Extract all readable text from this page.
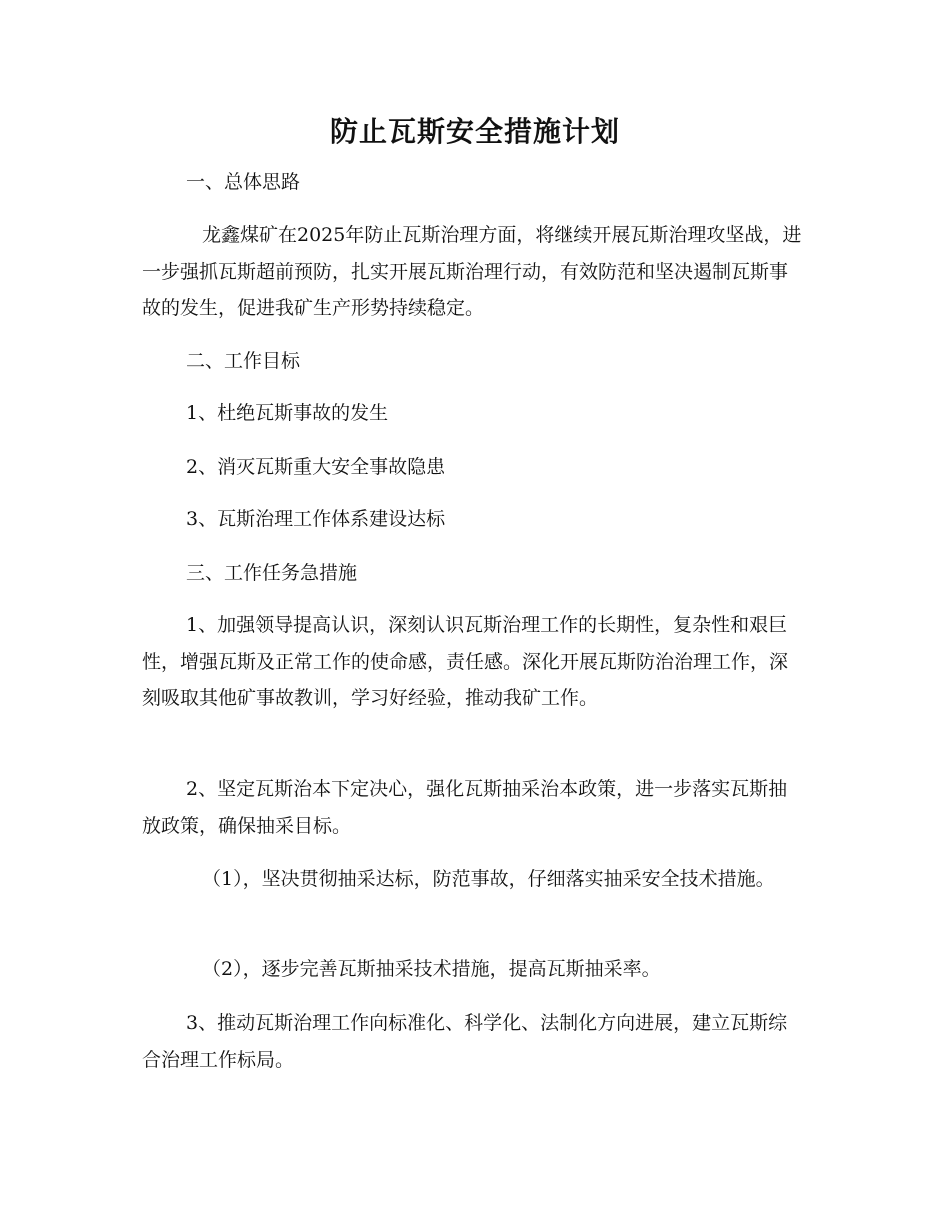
防止瓦斯安全措施计划

一、总体思路

龙鑫煤矿在2025年防止瓦斯治理方面，将继续开展瓦斯治理攻坚战，进一步强抓瓦斯超前预防，扎实开展瓦斯治理行动，有效防范和坚决遏制瓦斯事故的发生，促进我矿生产形势持续稳定。

二、工作目标

1、杜绝瓦斯事故的发生

2、消灭瓦斯重大安全事故隐患

3、瓦斯治理工作体系建设达标

三、工作任务急措施

1、加强领导提高认识，深刻认识瓦斯治理工作的长期性，复杂性和艰巨性，增强瓦斯及正常工作的使命感，责任感。深化开展瓦斯防治治理工作，深刻吸取其他矿事故教训，学习好经验，推动我矿工作。

2、坚定瓦斯治本下定决心，强化瓦斯抽采治本政策，进一步落实瓦斯抽放政策，确保抽采目标。

（1），坚决贯彻抽采达标，防范事故，仔细落实抽采安全技术措施。

（2），逐步完善瓦斯抽采技术措施，提高瓦斯抽采率。

3、推动瓦斯治理工作向标准化、科学化、法制化方向进展，建立瓦斯综合治理工作标局。
